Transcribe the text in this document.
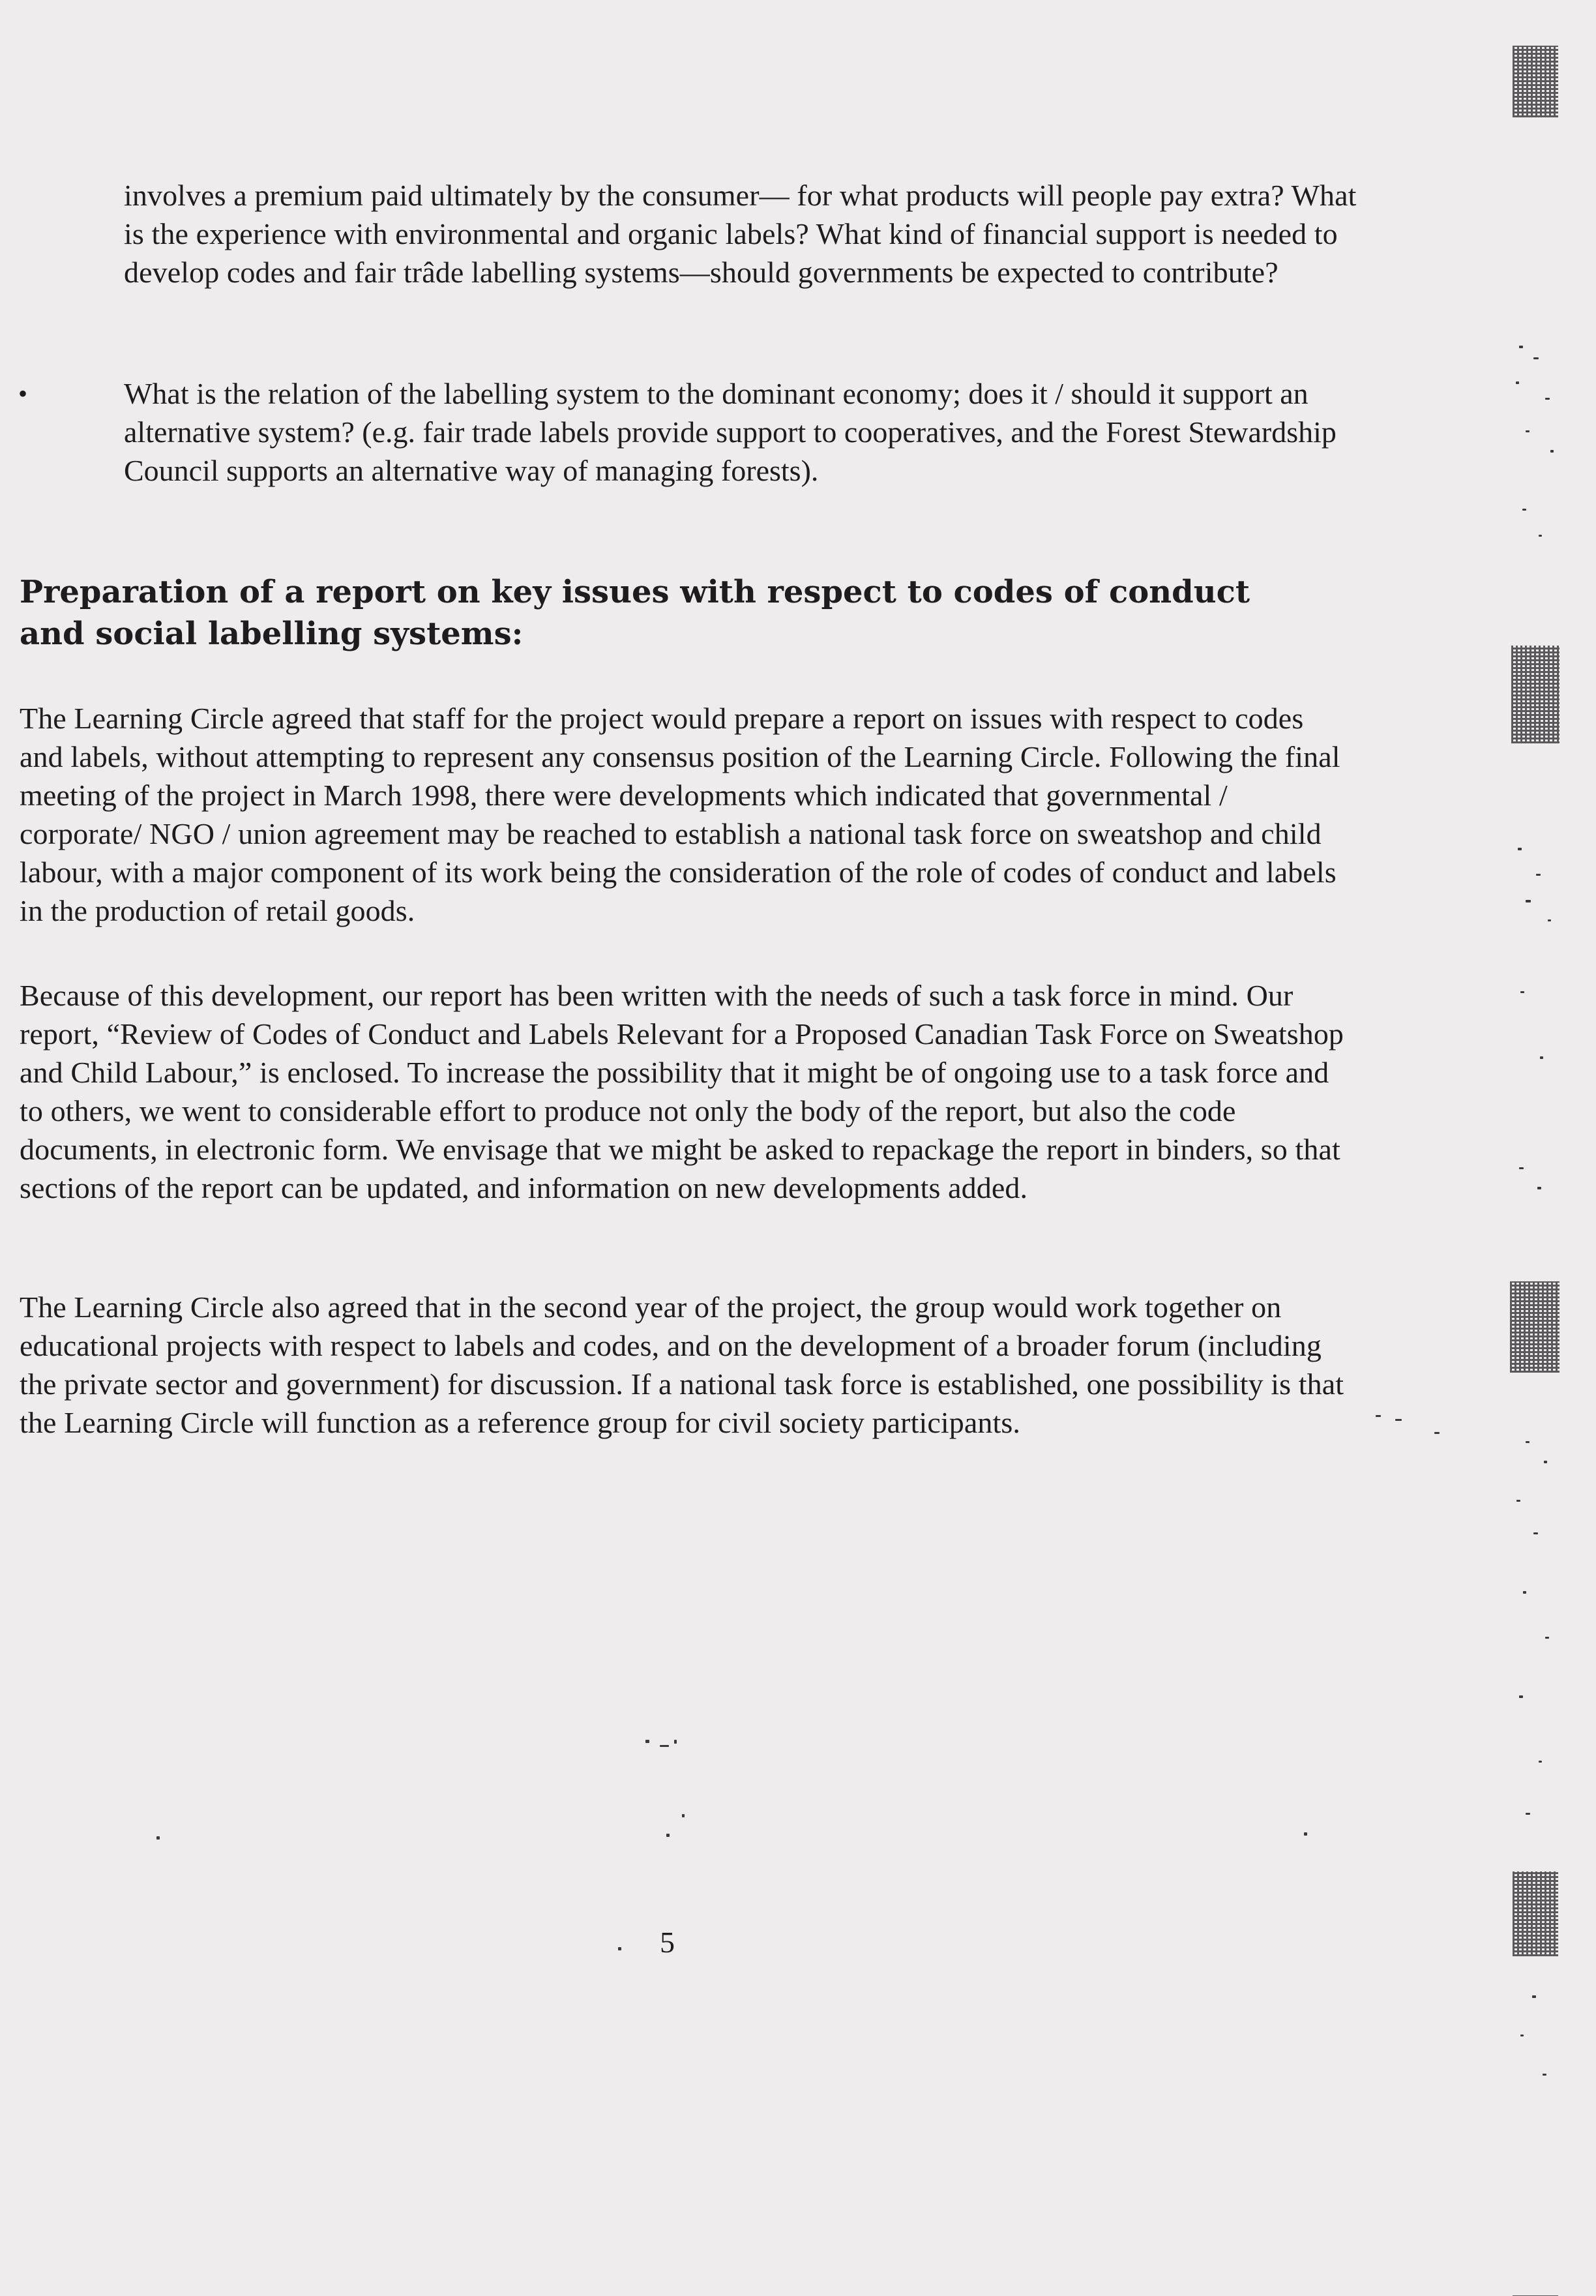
involves a premium paid ultimately by the consumer— for what products will people pay extra? What is the experience with environmental and organic labels? What kind of financial support is needed to develop codes and fair trâde labelling systems—should governments be expected to contribute?

•	What is the relation of the labelling system to the dominant economy; does it / should it support an alternative system? (e.g. fair trade labels provide support to cooperatives, and the Forest Stewardship Council supports an alternative way of managing forests).

Preparation of a report on key issues with respect to codes of conduct and social labelling systems:

The Learning Circle agreed that staff for the project would prepare a report on issues with respect to codes and labels, without attempting to represent any consensus position of the Learning Circle. Following the final meeting of the project in March 1998, there were developments which indicated that governmental / corporate/ NGO / union agreement may be reached to establish a national task force on sweatshop and child labour, with a major component of its work being the consideration of the role of codes of conduct and labels in the production of retail goods.

Because of this development, our report has been written with the needs of such a task force in mind. Our report, “Review of Codes of Conduct and Labels Relevant for a Proposed Canadian Task Force on Sweatshop and Child Labour,” is enclosed. To increase the possibility that it might be of ongoing use to a task force and to others, we went to considerable effort to produce not only the body of the report, but also the code documents, in electronic form. We envisage that we might be asked to repackage the report in binders, so that sections of the report can be updated, and information on new developments added.

The Learning Circle also agreed that in the second year of the project, the group would work together on educational projects with respect to labels and codes, and on the development of a broader forum (including the private sector and government) for discussion. If a national task force is established, one possibility is that the Learning Circle will function as a reference group for civil society participants.

5
